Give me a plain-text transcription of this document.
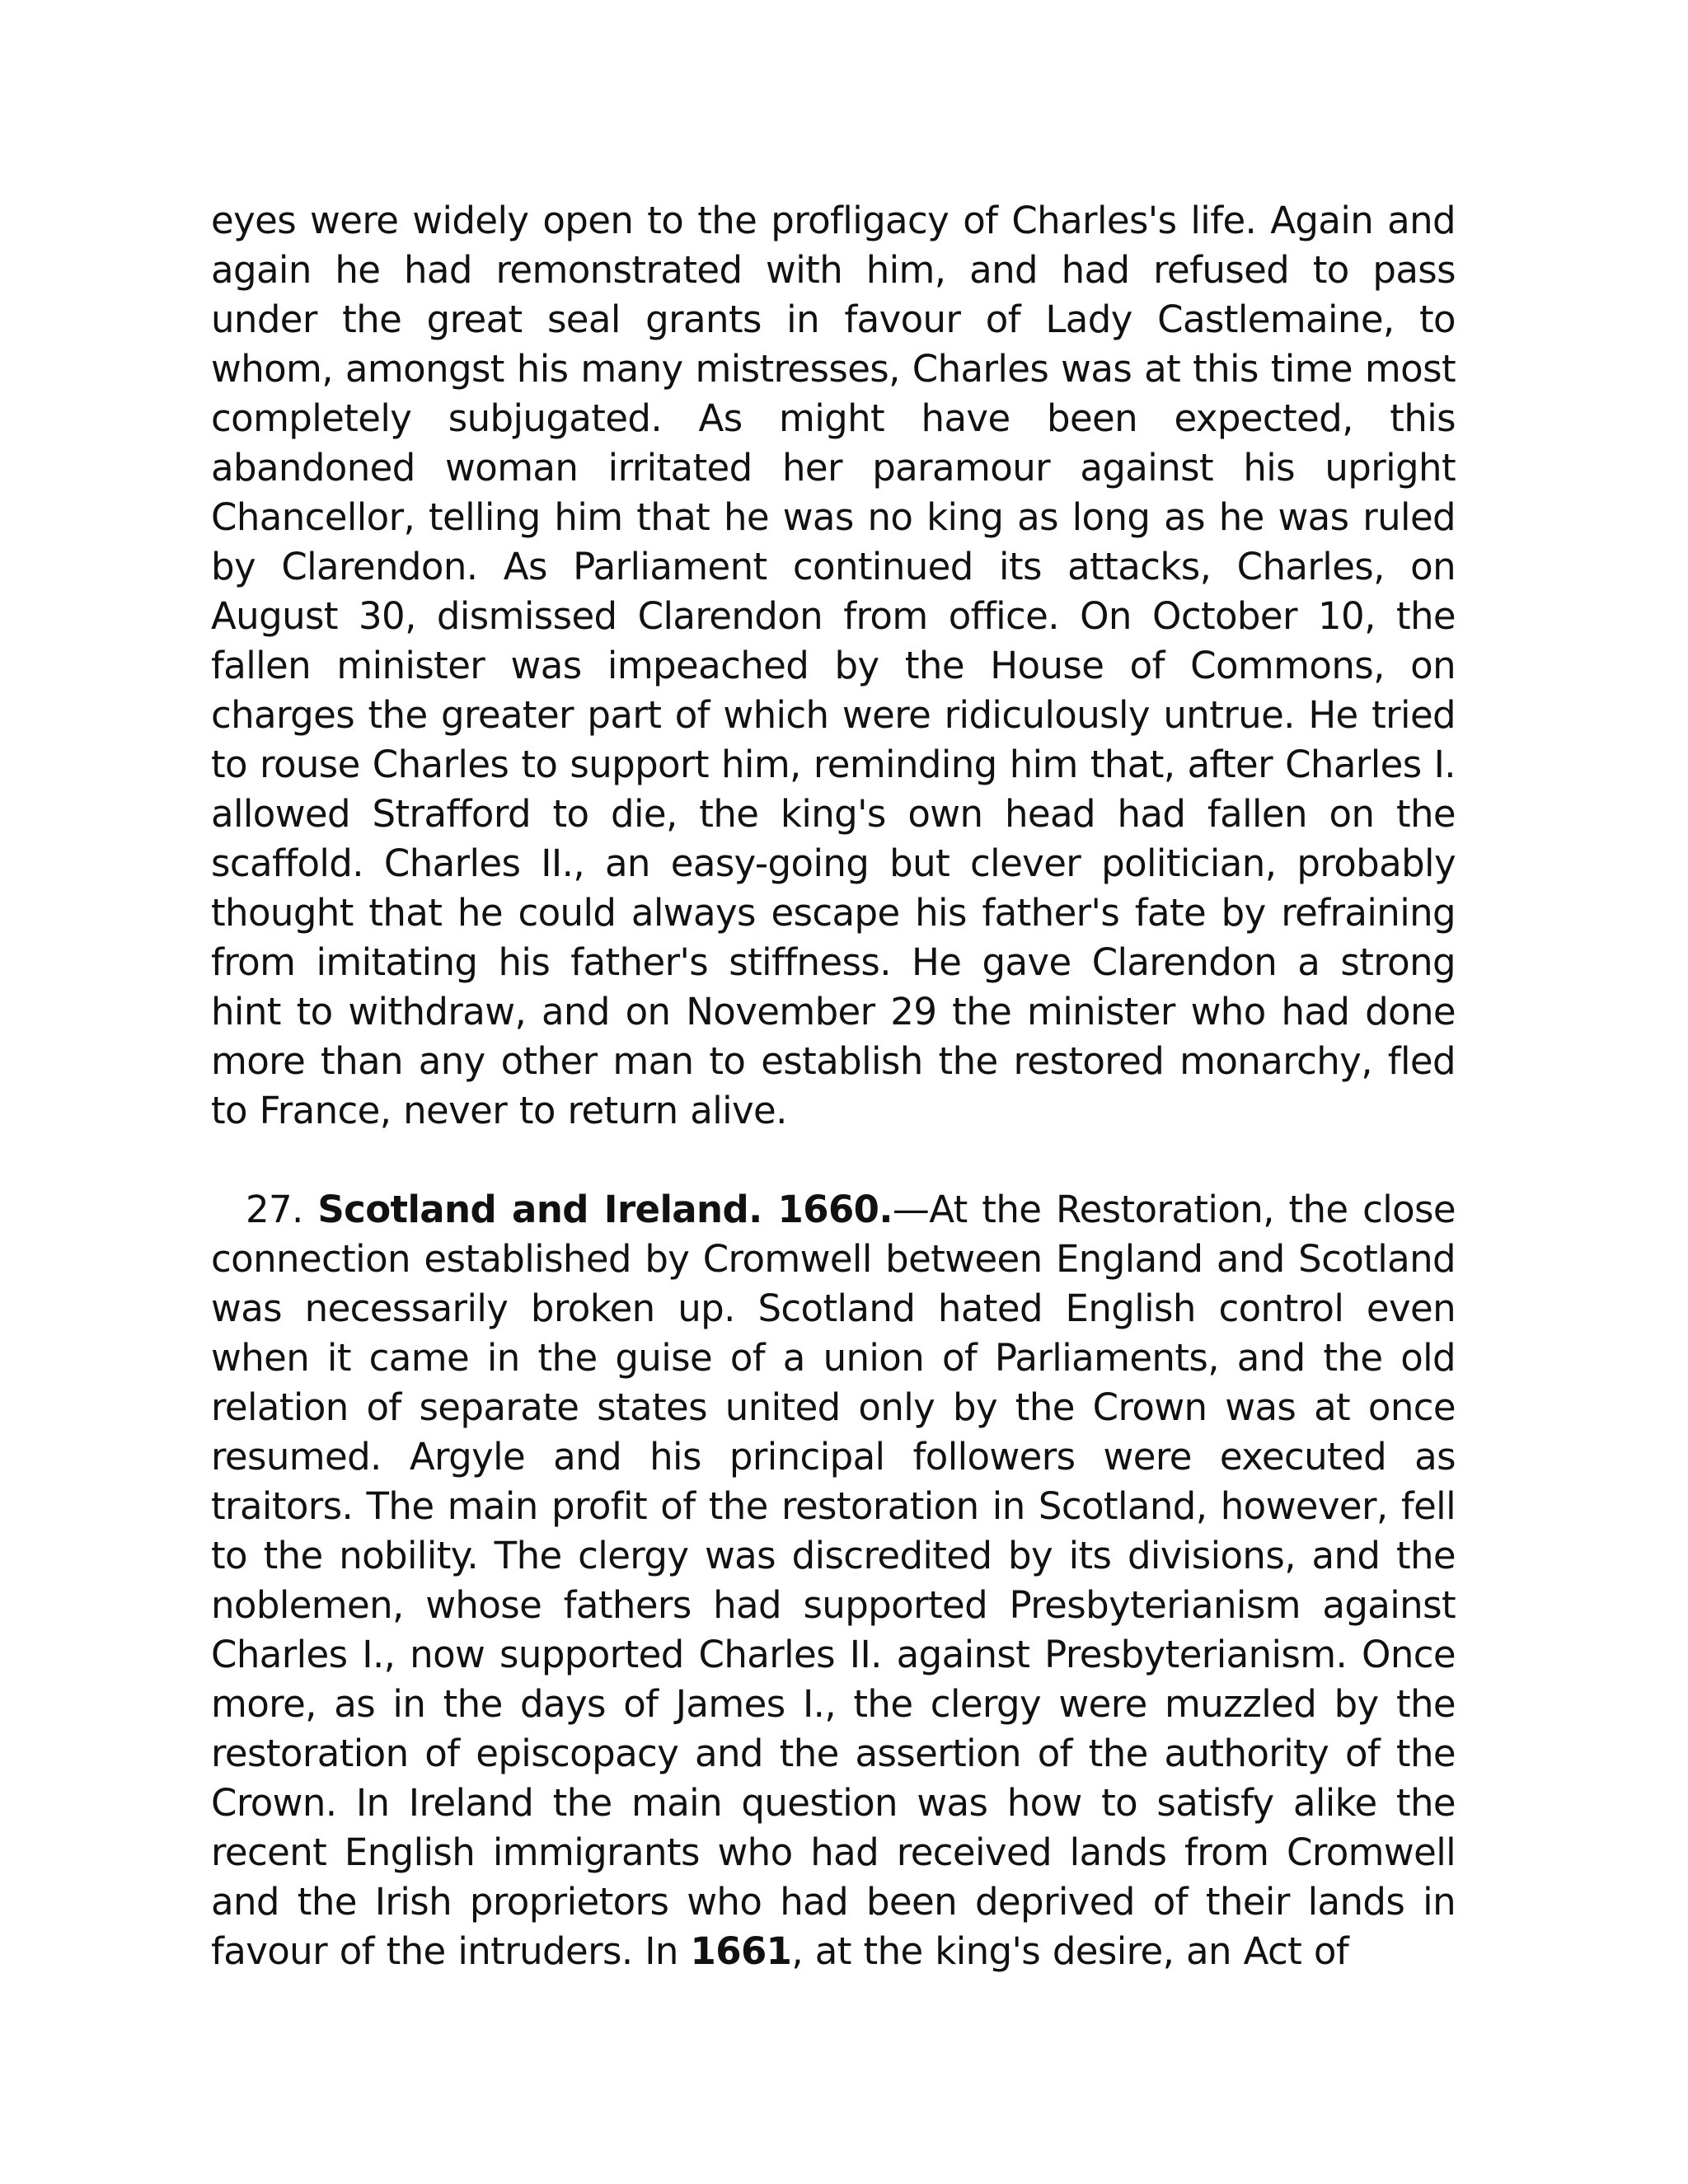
eyes were widely open to the profligacy of Charles's life. Again and again he had remonstrated with him, and had refused to pass under the great seal grants in favour of Lady Castlemaine, to whom, amongst his many mistresses, Charles was at this time most completely subjugated. As might have been expected, this abandoned woman irritated her paramour against his upright Chancellor, telling him that he was no king as long as he was ruled by Clarendon. As Parliament continued its attacks, Charles, on August 30, dismissed Clarendon from office. On October 10, the fallen minister was impeached by the House of Commons, on charges the greater part of which were ridiculously untrue. He tried to rouse Charles to support him, reminding him that, after Charles I. allowed Strafford to die, the king's own head had fallen on the scaffold. Charles II., an easy-going but clever politician, probably thought that he could always escape his father's fate by refraining from imitating his father's stiffness. He gave Clarendon a strong hint to withdraw, and on November 29 the minister who had done more than any other man to establish the restored monarchy, fled to France, never to return alive.

27. Scotland and Ireland. 1660.—At the Restoration, the close connection established by Cromwell between England and Scotland was necessarily broken up. Scotland hated English control even when it came in the guise of a union of Parliaments, and the old relation of separate states united only by the Crown was at once resumed. Argyle and his principal followers were executed as traitors. The main profit of the restoration in Scotland, however, fell to the nobility. The clergy was discredited by its divisions, and the noblemen, whose fathers had supported Presbyterianism against Charles I., now supported Charles II. against Presbyterianism. Once more, as in the days of James I., the clergy were muzzled by the restoration of episcopacy and the assertion of the authority of the Crown. In Ireland the main question was how to satisfy alike the recent English immigrants who had received lands from Cromwell and the Irish proprietors who had been deprived of their lands in favour of the intruders. In 1661, at the king's desire, an Act of
